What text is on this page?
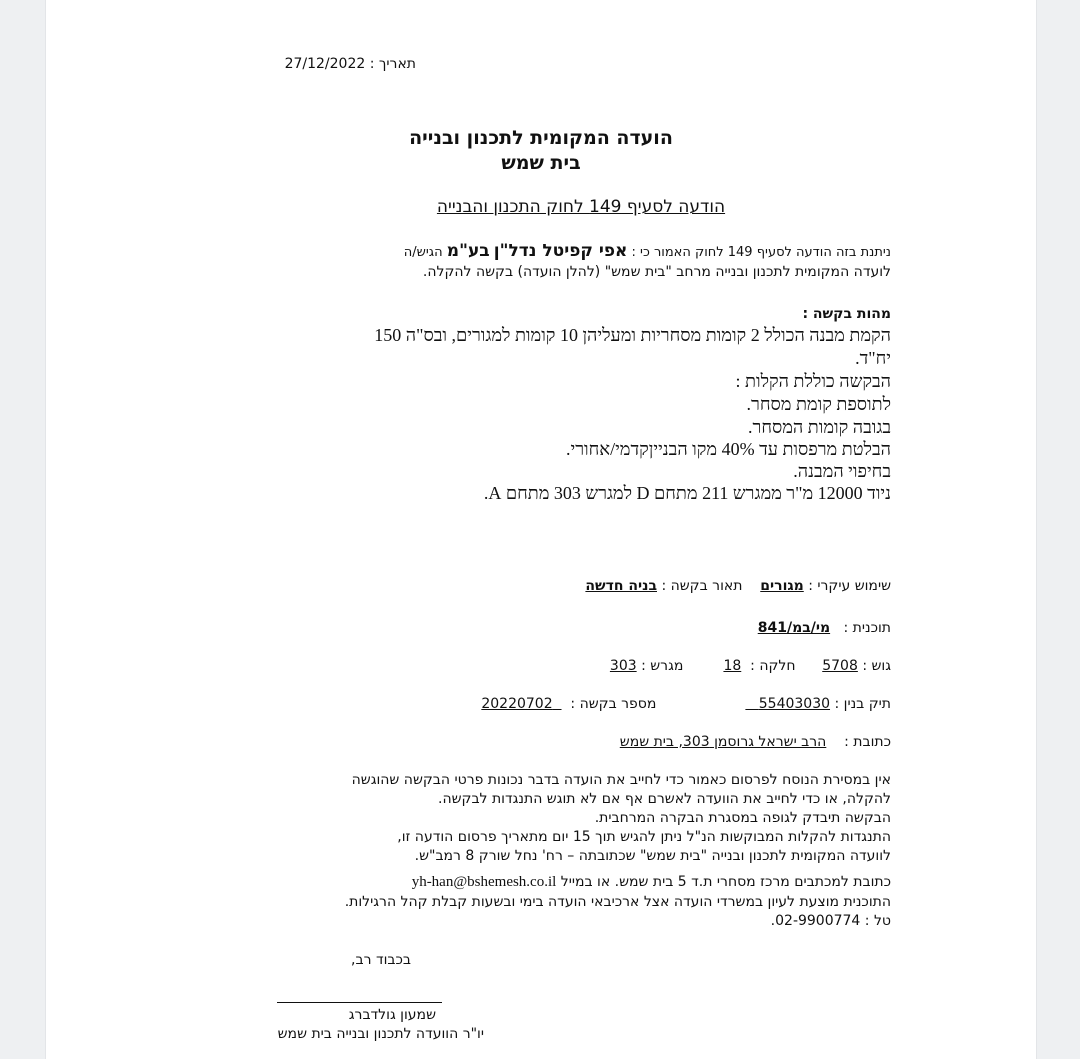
תאריך : 27/12/2022
הועדה המקומית לתכנון ובנייה
בית שמש
הודעה לסעיף 149 לחוק התכנון והבנייה
ניתנת בזה הודעה לסעיף 149 לחוק האמור כי : אפי קפיטל נדל"ן בע"מ הגיש/ה
לועדה המקומית לתכנון ובנייה מרחב "בית שמש" (להלן הועדה) בקשה להקלה.
מהות בקשה :
הקמת מבנה הכולל 2 קומות מסחריות ומעליהן 10 קומות למגורים, ובס"ה 150
יח"ד.
הבקשה כוללת הקלות :
לתוספת קומת מסחר.
בגובה קומות המסחר.
הבלטת מרפסות עד 40% מקו הבנייןקדמי/אחורי.
בחיפוי המבנה.
ניוד 12000 מ"ר ממגרש 211 מתחם D למגרש 303 מתחם A.
שימוש עיקרי : מגורים    תאור בקשה : בניה חדשה
תוכנית :   מי/במ/841
גוש : 5708      חלקה :  18         מגרש : 303
תיק בנין : 55403030                       מספר בקשה :    20220702
כתובת :    הרב ישראל גרוסמן 303, בית שמש
אין במסירת הנוסח לפרסום כאמור כדי לחייב את הועדה בדבר נכונות פרטי הבקשה שהוגשה
להקלה, או כדי לחייב את הוועדה לאשרם אף אם לא תוגש התנגדות לבקשה.
הבקשה תיבדק לגופה במסגרת הבקרה המרחבית.
התנגדות להקלות המבוקשות הנ"ל ניתן להגיש תוך 15 יום מתאריך פרסום הודעה זו,
לוועדה המקומית לתכנון ובנייה "בית שמש" שכתובתה – רח' נחל שורק 8 רמב"ש.
כתובת למכתבים מרכז מסחרי ת.ד 5 בית שמש. או במייל yh-han@bshemesh.co.il
התוכנית מוצעת לעיון במשרדי הועדה אצל ארכיבאי הועדה בימי ובשעות קבלת קהל הרגילות.
טל : 02-9900774.
בכבוד רב,
שמעון גולדברג
יו"ר הוועדה לתכנון ובנייה בית שמש
